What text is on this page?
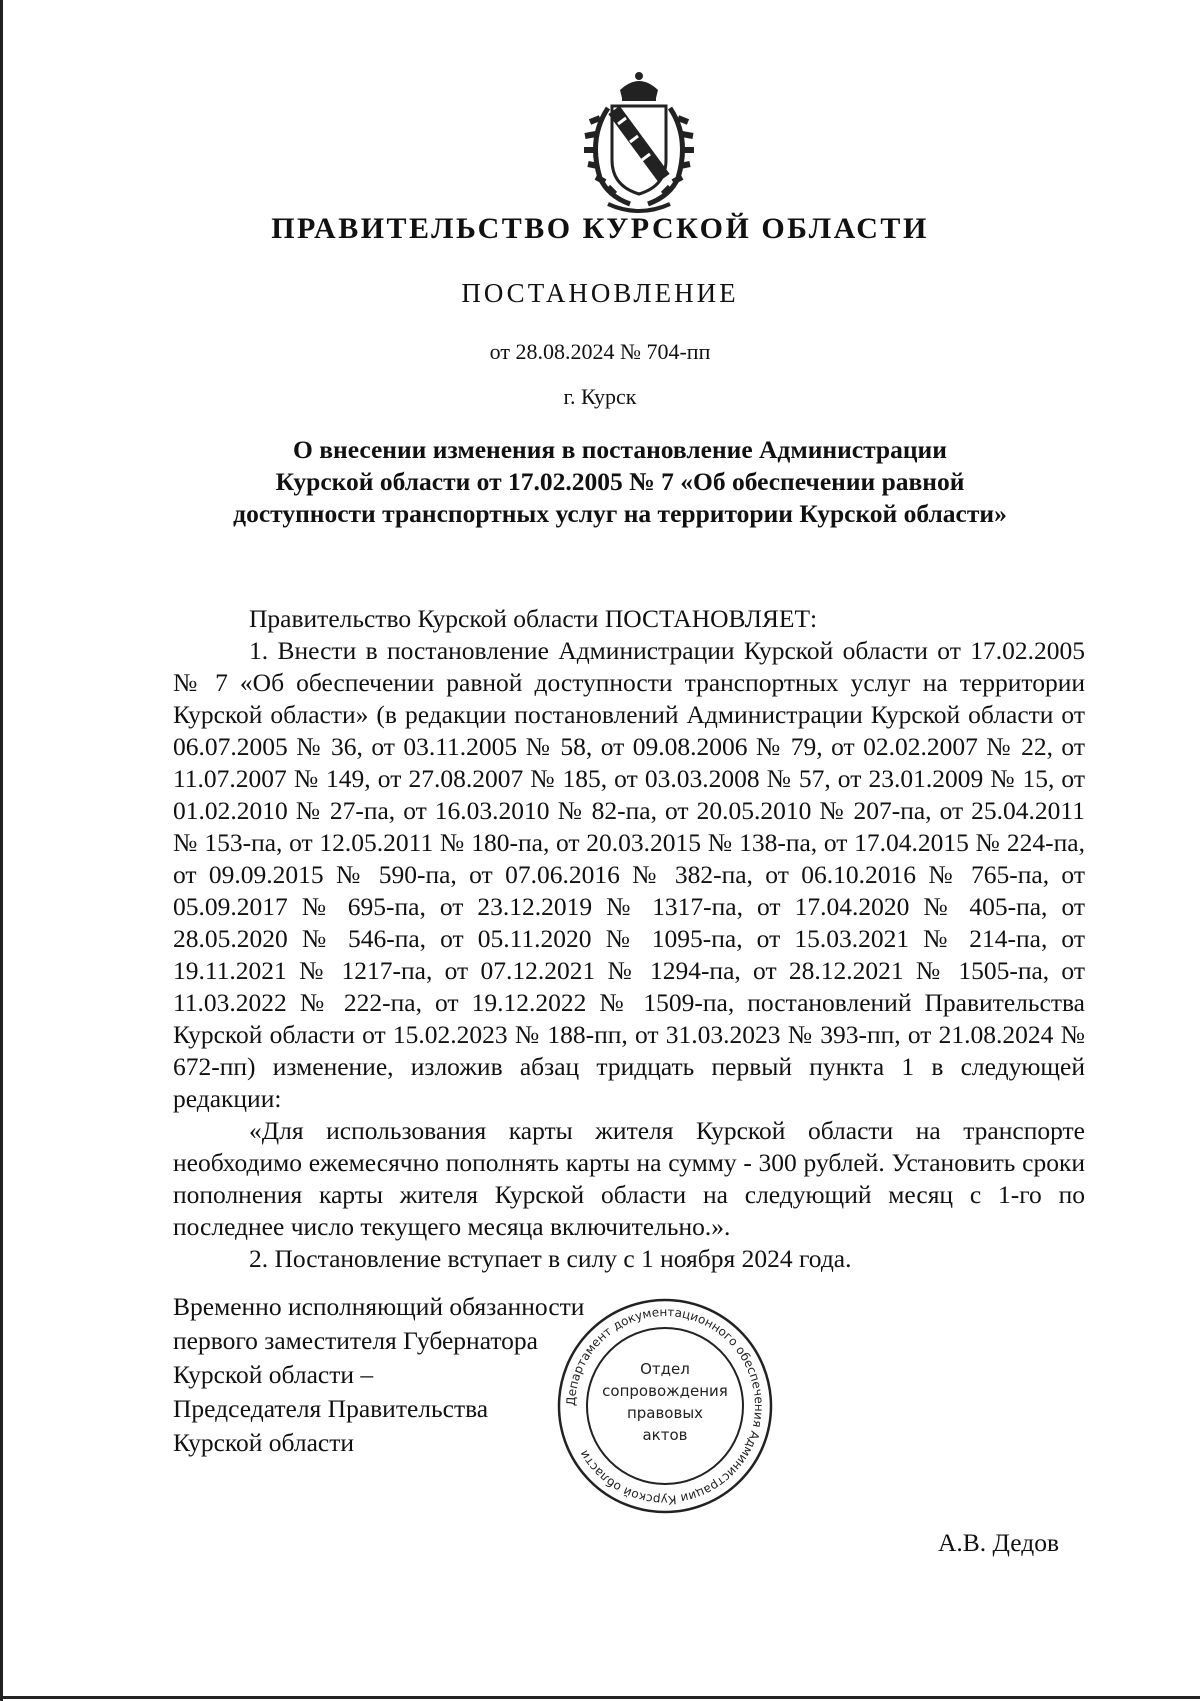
ПРАВИТЕЛЬСТВО КУРСКОЙ ОБЛАСТИ
ПОСТАНОВЛЕНИЕ
от 28.08.2024 № 704-пп
г. Курск
О внесении изменения в постановление Администрации
Курской области от 17.02.2005 № 7 «Об обеспечении равной
доступности транспортных услуг на территории Курской области»

Правительство Курской области ПОСТАНОВЛЯЕТ:

1. Внести в постановление Администрации Курской области от 17.02.2005 № 7 «Об обеспечении равной доступности транспортных услуг на территории Курской области» (в редакции постановлений Администрации Курской области от 06.07.2005 № 36, от 03.11.2005 № 58, от 09.08.2006 № 79, от 02.02.2007 № 22, от 11.07.2007 № 149, от 27.08.2007 № 185, от 03.03.2008 № 57, от 23.01.2009 № 15, от 01.02.2010 № 27-па, от 16.03.2010 № 82-па, от 20.05.2010 № 207-па, от 25.04.2011 № 153-па, от 12.05.2011 № 180-па, от 20.03.2015 № 138-па, от 17.04.2015 № 224-па, от 09.09.2015 № 590-па, от 07.06.2016 № 382-па, от 06.10.2016 № 765-па, от 05.09.2017 № 695-па, от 23.12.2019 № 1317-па, от 17.04.2020 № 405-па, от 28.05.2020 № 546-па, от 05.11.2020 № 1095-па, от 15.03.2021 № 214-па, от 19.11.2021 № 1217-па, от 07.12.2021 № 1294-па, от 28.12.2021 № 1505-па, от 11.03.2022 № 222-па, от 19.12.2022 № 1509-па, постановлений Правительства Курской области от 15.02.2023 № 188-пп, от 31.03.2023 № 393-пп, от 21.08.2024 № 672-пп) изменение, изложив абзац тридцать первый пункта 1 в следующей редакции:

«Для использования карты жителя Курской области на транспорте необходимо ежемесячно пополнять карты на сумму - 300 рублей. Установить сроки пополнения карты жителя Курской области на следующий месяц с 1-го по последнее число текущего месяца включительно.».

2. Постановление вступает в силу с 1 ноября 2024 года.

Временно исполняющий обязанности
первого заместителя Губернатора
Курской области –
Председателя Правительства
Курской области
Департамент документационного обеспечения Администрации Курской области
Отдел
сопровождения
правовых
актов
А.В. Дедов
